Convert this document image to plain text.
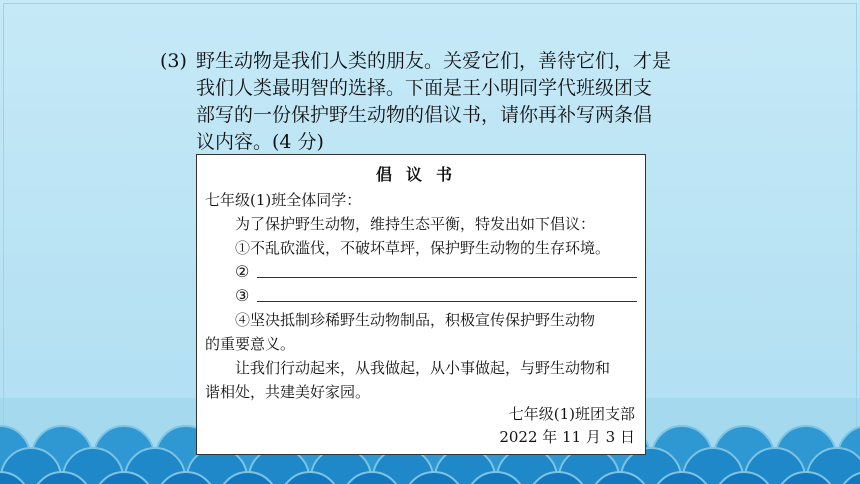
(3) 野生动物是我们人类的朋友。关爱它们，善待它们，才是
我们人类最明智的选择。下面是王小明同学代班级团支
部写的一份保护野生动物的倡议书，请你再补写两条倡
议内容。(4 分)
倡议书
七年级(1)班全体同学：
为了保护野生动物，维持生态平衡，特发出如下倡议：
①不乱砍滥伐，不破坏草坪，保护野生动物的生存环境。
②
③
④坚决抵制珍稀野生动物制品，积极宣传保护野生动物
的重要意义。
让我们行动起来，从我做起，从小事做起，与野生动物和
谐相处，共建美好家园。
七年级(1)班团支部
2022 年 11 月 3 日
